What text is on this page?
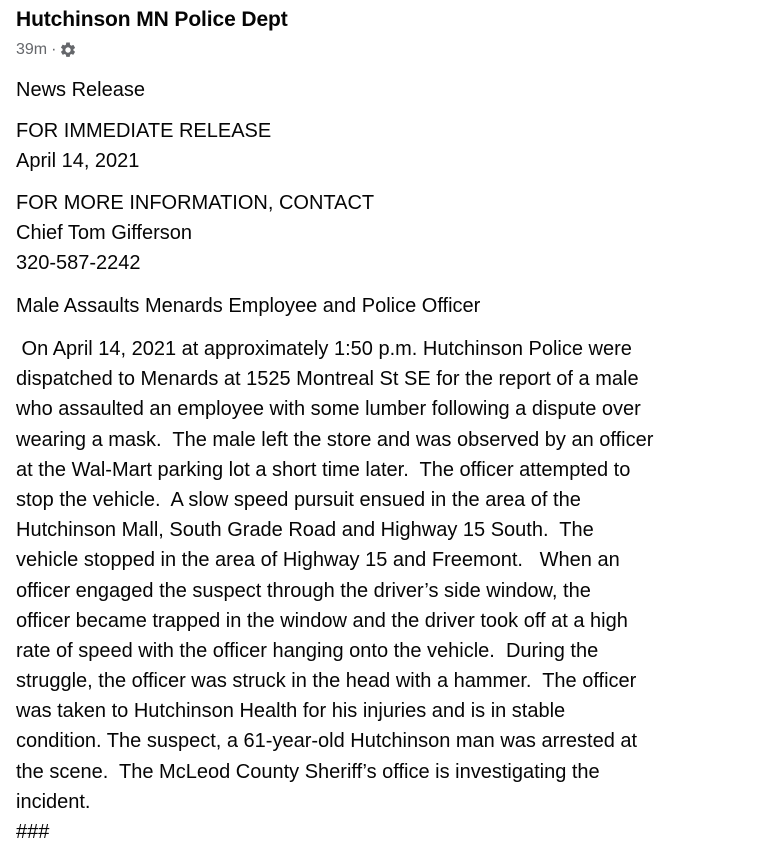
Hutchinson MN Police Dept
39m ·
News Release
FOR IMMEDIATE RELEASE
April 14, 2021
FOR MORE INFORMATION, CONTACT
Chief Tom Gifferson
320-587-2242
Male Assaults Menards Employee and Police Officer
On April 14, 2021 at approximately 1:50 p.m. Hutchinson Police were
dispatched to Menards at 1525 Montreal St SE for the report of a male
who assaulted an employee with some lumber following a dispute over
wearing a mask.  The male left the store and was observed by an officer
at the Wal-Mart parking lot a short time later.  The officer attempted to
stop the vehicle.  A slow speed pursuit ensued in the area of the
Hutchinson Mall, South Grade Road and Highway 15 South.  The
vehicle stopped in the area of Highway 15 and Freemont.   When an
officer engaged the suspect through the driver’s side window, the
officer became trapped in the window and the driver took off at a high
rate of speed with the officer hanging onto the vehicle.  During the
struggle, the officer was struck in the head with a hammer.  The officer
was taken to Hutchinson Health for his injuries and is in stable
condition. The suspect, a 61-year-old Hutchinson man was arrested at
the scene.  The McLeod County Sheriff’s office is investigating the
incident.
###
